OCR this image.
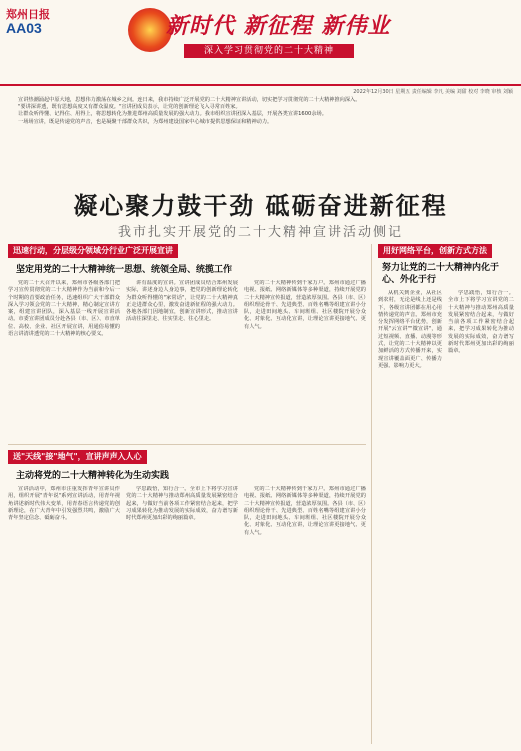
郑州日报
AA03	新时代 新征程 新伟业
深入学习贯彻党的二十大精神
2022年12月30日 星期五 责任编辑 李凡 美编 刘甜 校对 李晓 审核 刘颖

宣讲热潮涌起中原大地，思想伟力激荡在城乡之间。连日来，我市持续广泛开展党的二十大精神宣讲活动，切实把学习贯彻党的二十大精神推向深入。

"要讲深讲透，既有思想高度又有群众温度。"宣讲团成员表示，让党的创新理论飞入寻常百姓家。

让群众听得懂、记得住、用得上，将思想转化为推进郑州高质量发展的强大动力。我市组织宣讲团深入基层，开展各类宣讲1600余场。

一场场宣讲，既是传递党的声音，也是凝聚干部群众共识，为郑州建设国家中心城市提供思想保证和精神动力。

凝心聚力鼓干劲 砥砺奋进新征程
我市扎实开展党的二十大精神宣讲活动侧记
迅速行动，分层级分领域分行业广泛开展宣讲	用好网络平台，创新方式方法
坚定用党的二十大精神统一思想、统领全局、统揽工作	努力让党的二十大精神内化于心、外化于行

党的二十大召开以来，郑州市各级各部门把学习宣传贯彻党的二十大精神作为当前和今后一个时期的首要政治任务，迅速组织广大干部群众深入学习领会党的二十大精神，精心制定宣讲方案，组建宣讲团队，深入基层一线开展宣讲活动。市委宣讲团成员分赴各县（市、区）、市直单位、高校、企业、社区开展宣讲，用通俗易懂的语言讲清讲透党的二十大精神的核心要义。

讲有温度的宣讲。宣讲团成员结合郑州发展实际，讲述身边人身边事，把党的创新理论转化为群众听得懂的"家常话"，让党的二十大精神真正走进群众心里，激发奋进新征程的强大动力。各地各部门因地制宜，创新宣讲形式，推动宣讲活动往深里走、往实里走、往心里走。

党的二十大精神传到千家万户。郑州市通过广播电视、报纸、网络新媒体等多种渠道，持续开展党的二十大精神宣传报道，营造浓厚氛围。各县（市、区）组织理论骨干、先进典型、百姓名嘴等组建宣讲小分队，走进田间地头、车间班组、社区楼院开展分众化、对象化、互动化宣讲，让理论宣讲更接地气、更有人气。

送"天线"接"地气"，宣讲声声入人心
主动将党的二十大精神转化为生动实践

宣讲活动中，郑州市注重发挥青年宣讲员作用，组织开展"青年说"系列宣讲活动，用青年视角讲述新时代伟大变革，用青春语言传递党的创新理论，在广大青年中引发强烈共鸣，激励广大青年坚定信念、砥砺奋斗。

学思践悟，知行合一。全市上下将学习宣讲党的二十大精神与推动郑州高质量发展紧密结合起来，与做好当前各项工作紧密结合起来，把学习成果转化为推动发展的实际成效，奋力谱写新时代郑州更加出彩的绚丽篇章。

党的二十大精神传到千家万户。郑州市通过广播电视、报纸、网络新媒体等多种渠道，持续开展党的二十大精神宣传报道，营造浓厚氛围。各县（市、区）组织理论骨干、先进典型、百姓名嘴等组建宣讲小分队，走进田间地头、车间班组、社区楼院开展分众化、对象化、互动化宣讲，让理论宣讲更接地气、更有人气。

从机关到企业，从社区到农村，无论是线上还是线下，各级宣讲团都在用心用情传递党的声音。郑州市充分发挥网络平台优势，创新开展"云宣讲""微宣讲"，通过短视频、直播、动漫等形式，让党的二十大精神以更加鲜活的方式传播开来，实现宣讲覆盖面更广、传播力更强、影响力更大。

学思践悟，知行合一。全市上下将学习宣讲党的二十大精神与推动郑州高质量发展紧密结合起来，与做好当前各项工作紧密结合起来，把学习成果转化为推动发展的实际成效，奋力谱写新时代郑州更加出彩的绚丽篇章。
